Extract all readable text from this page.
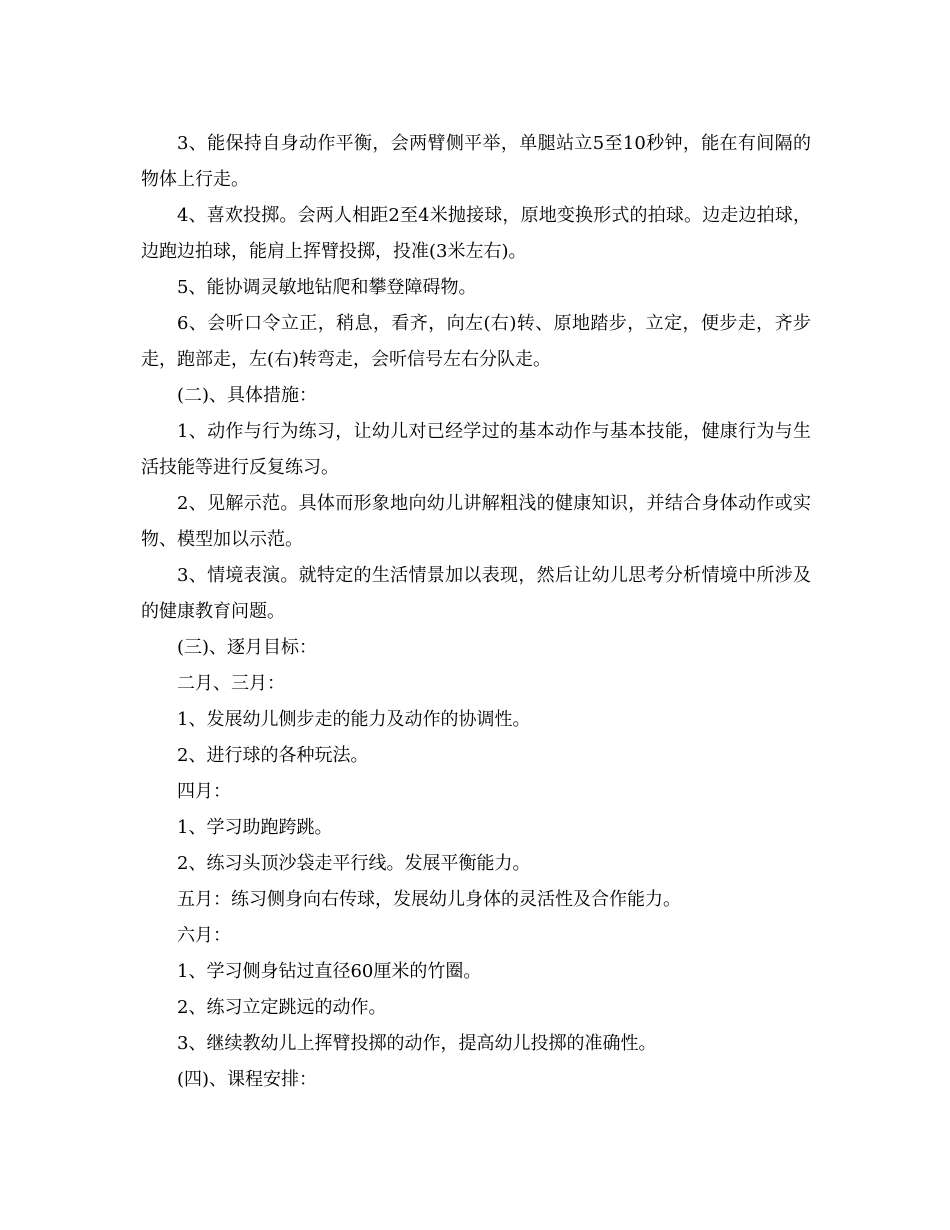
3、能保持自身动作平衡，会两臂侧平举，单腿站立5至10秒钟，能在有间隔的物体上行走。

4、喜欢投掷。会两人相距2至4米抛接球，原地变换形式的拍球。边走边拍球，边跑边拍球，能肩上挥臂投掷，投准(3米左右)。

5、能协调灵敏地钻爬和攀登障碍物。

6、会听口令立正，稍息，看齐，向左(右)转、原地踏步，立定，便步走，齐步走，跑部走，左(右)转弯走，会听信号左右分队走。

(二)、具体措施：

1、动作与行为练习，让幼儿对已经学过的基本动作与基本技能，健康行为与生活技能等进行反复练习。

2、见解示范。具体而形象地向幼儿讲解粗浅的健康知识，并结合身体动作或实物、模型加以示范。

3、情境表演。就特定的生活情景加以表现，然后让幼儿思考分析情境中所涉及的健康教育问题。

(三)、逐月目标：

二月、三月：

1、发展幼儿侧步走的能力及动作的协调性。

2、进行球的各种玩法。

四月：

1、学习助跑跨跳。

2、练习头顶沙袋走平行线。发展平衡能力。

五月：练习侧身向右传球，发展幼儿身体的灵活性及合作能力。

六月：

1、学习侧身钻过直径60厘米的竹圈。

2、练习立定跳远的动作。

3、继续教幼儿上挥臂投掷的动作，提高幼儿投掷的准确性。

(四)、课程安排：
